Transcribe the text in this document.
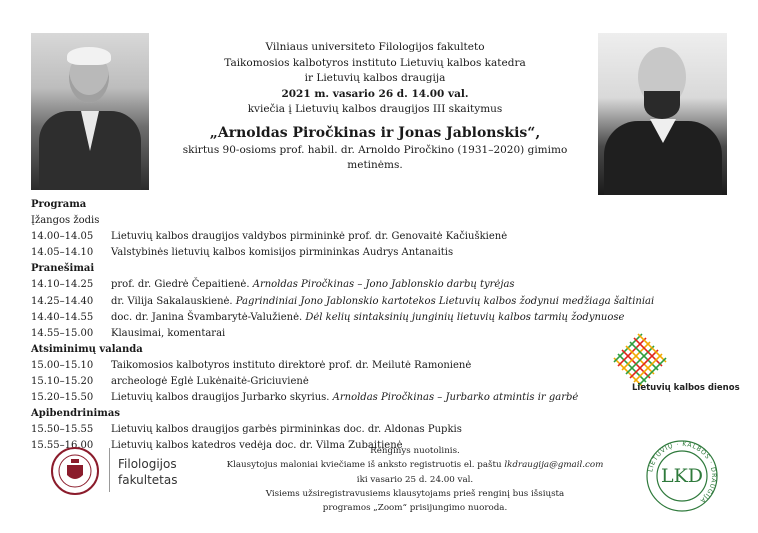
Vilniaus universiteto Filologijos fakulteto
Taikomosios kalbotyros instituto Lietuvių kalbos katedra
ir Lietuvių kalbos draugija
2021 m. vasario 26 d. 14.00 val.
kviečia į Lietuvių kalbos draugijos III skaitymus
„Arnoldas Piročkinas ir Jonas Jablonskis“,
skirtus 90-osioms prof. habil. dr. Arnoldo Piročkino (1931–2020) gimimo metinėms.
Programa
Įžangos žodis
14.00–14.05 Lietuvių kalbos draugijos valdybos pirmininkė prof. dr. Genovaitė Kačiuškienė
14.05–14.10 Valstybinės lietuvių kalbos komisijos pirmininkas Audrys Antanaitis
Pranešimai
14.10–14.25 prof. dr. Giedrė Čepaitienė. Arnoldas Piročkinas – Jono Jablonskio darbų tyrėjas
14.25–14.40 dr. Vilija Sakalauskienė. Pagrindiniai Jono Jablonskio kartotekos Lietuvių kalbos žodynui medžiaga šaltiniai
14.40–14.55 doc. dr. Janina Švambarytė-Valužienė. Dėl kelių sintaksinių junginių lietuvių kalbos tarmių žodynuose
14.55–15.00 Klausimai, komentarai
Atsiminimų valanda
15.00–15.10 Taikomosios kalbotyros instituto direktorė prof. dr. Meilutė Ramonienė
15.10–15.20 archeologė Eglė Lukėnaitė-Griciuvienė
15.20–15.50 Lietuvių kalbos draugijos Jurbarko skyrius. Arnoldas Piročkinas – Jurbarko atmintis ir garbė
Apibendrinimas
15.50–15.55 Lietuvių kalbos draugijos garbės pirmininkas doc. dr. Aldonas Pupkis
15.55–16.00 Lietuvių kalbos katedros vedėja doc. dr. Vilma Zubaitienė
Lietuvių kalbos dienos
Filologijos
fakultetas
Renginys nuotolinis.
Klausytojus maloniai kviečiame iš anksto registruotis el. paštu lkdraugija@gmail.com
iki vasario 25 d. 24.00 val.
Visiems užsiregistravusiems klausytojams prieš renginį bus išsiųsta
programos „Zoom“ prisijungimo nuoroda.
LKD
LIETUVIŲ · KALBOS · DRAUGIJA
